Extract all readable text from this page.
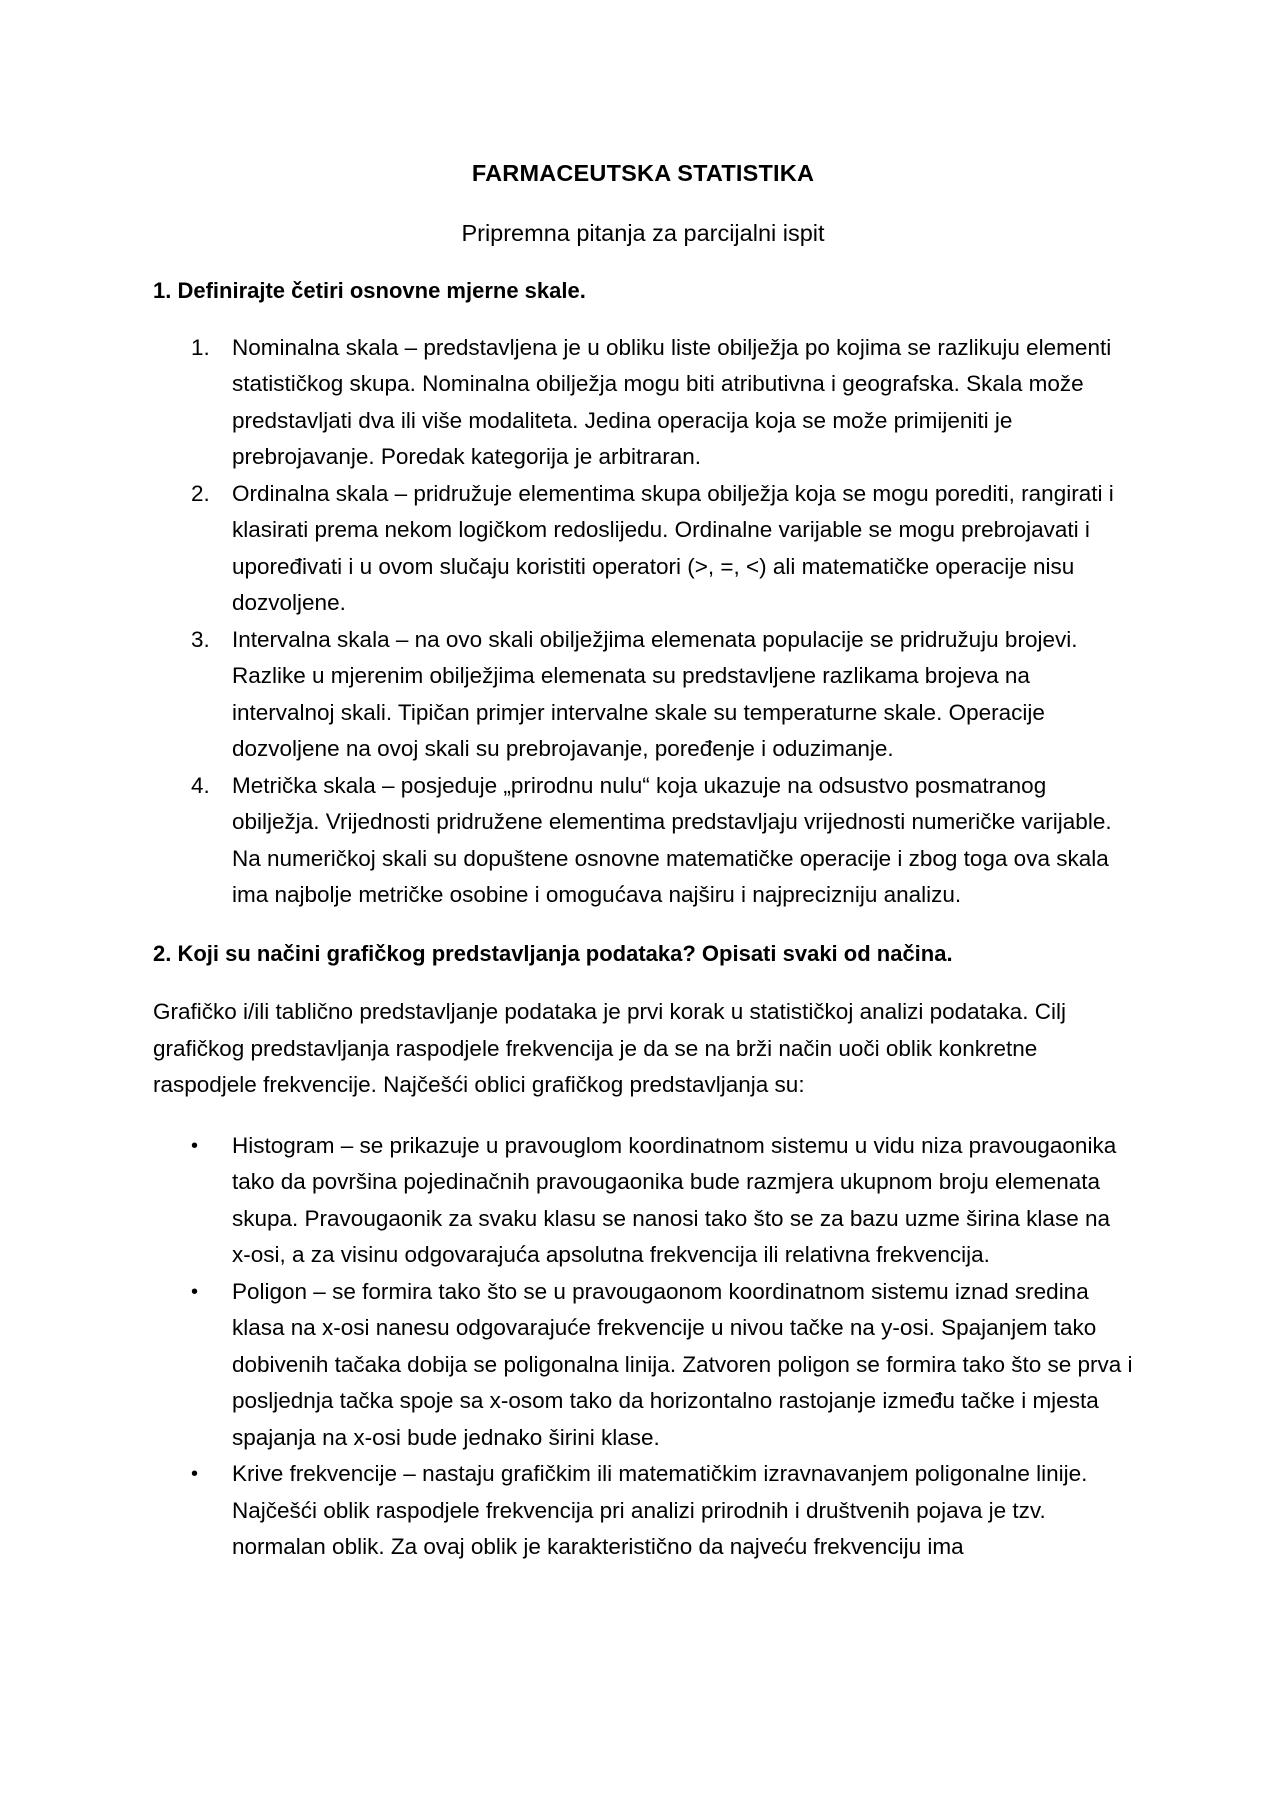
FARMACEUTSKA STATISTIKA
Pripremna pitanja za parcijalni ispit
1. Definirajte četiri osnovne mjerne skale.
1. Nominalna skala – predstavljena je u obliku liste obilježja po kojima se razlikuju elementi statističkog skupa. Nominalna obilježja mogu biti atributivna i geografska. Skala može predstavljati dva ili više modaliteta. Jedina operacija koja se može primijeniti je prebrojavanje. Poredak kategorija je arbitraran.
2. Ordinalna skala – pridružuje elementima skupa obilježja koja se mogu porediti, rangirati i klasirati prema nekom logičkom redoslijedu. Ordinalne varijable se mogu prebrojavati i upoređivati i u ovom slučaju koristiti operatori (>, =, <) ali matematičke operacije nisu dozvoljene.
3. Intervalna skala – na ovo skali obilježjima elemenata populacije se pridružuju brojevi. Razlike u mjerenim obilježjima elemenata su predstavljene razlikama brojeva na intervalnoj skali. Tipičan primjer intervalne skale su temperaturne skale. Operacije dozvoljene na ovoj skali su prebrojavanje, poređenje i oduzimanje.
4. Metrička skala – posjeduje „prirodnu nulu“ koja ukazuje na odsustvo posmatranog obilježja. Vrijednosti pridružene elementima predstavljaju vrijednosti numeričke varijable. Na numeričkoj skali su dopuštene osnovne matematičke operacije i zbog toga ova skala ima najbolje metričke osobine i omogućava najširu i najprecizniju analizu.
2. Koji su načini grafičkog predstavljanja podataka? Opisati svaki od načina.
Grafičko i/ili tablično predstavljanje podataka je prvi korak u statističkoj analizi podataka. Cilj grafičkog predstavljanja raspodjele frekvencija je da se na brži način uoči oblik konkretne raspodjele frekvencije. Najčešći oblici grafičkog predstavljanja su:
• Histogram – se prikazuje u pravouglom koordinatnom sistemu u vidu niza pravougaonika tako da površina pojedinačnih pravougaonika bude razmjera ukupnom broju elemenata skupa. Pravougaonik za svaku klasu se nanosi tako što se za bazu uzme širina klase na x-osi, a za visinu odgovarajuća apsolutna frekvencija ili relativna frekvencija.
• Poligon – se formira tako što se u pravougaonom koordinatnom sistemu iznad sredina klasa na x-osi nanesu odgovarajuće frekvencije u nivou tačke na y-osi. Spajanjem tako dobivenih tačaka dobija se poligonalna linija. Zatvoren poligon se formira tako što se prva i posljednja tačka spoje sa x-osom tako da horizontalno rastojanje između tačke i mjesta spajanja na x-osi bude jednako širini klase.
• Krive frekvencije – nastaju grafičkim ili matematičkim izravnavanjem poligonalne linije. Najčešći oblik raspodjele frekvencija pri analizi prirodnih i društvenih pojava je tzv. normalan oblik. Za ovaj oblik je karakteristično da najveću frekvenciju ima
